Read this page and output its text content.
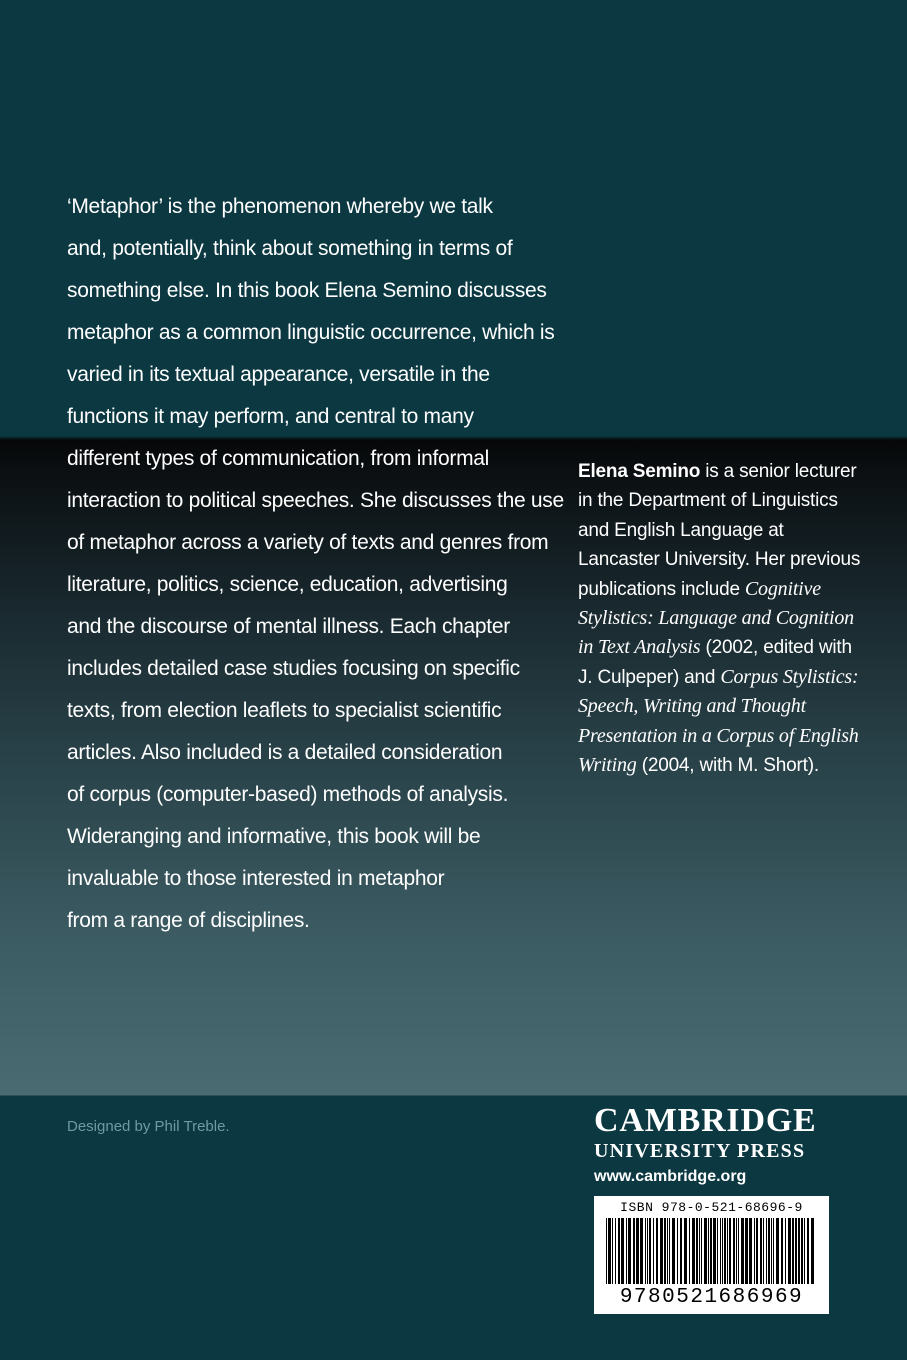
‘Metaphor’ is the phenomenon whereby we talk
and, potentially, think about something in terms of
something else. In this book Elena Semino discusses
metaphor as a common linguistic occurrence, which is
varied in its textual appearance, versatile in the
functions it may perform, and central to many
different types of communication, from informal
interaction to political speeches. She discusses the use
of metaphor across a variety of texts and genres from
literature, politics, science, education, advertising
and the discourse of mental illness. Each chapter
includes detailed case studies focusing on specific
texts, from election leaflets to specialist scientific
articles. Also included is a detailed consideration
of corpus (computer-based) methods of analysis.
Wideranging and informative, this book will be
invaluable to those interested in metaphor
from a range of disciplines.

Elena Semino is a senior lecturer
in the Department of Linguistics
and English Language at
Lancaster University. Her previous
publications include Cognitive
Stylistics: Language and Cognition
in Text Analysis (2002, edited with
J. Culpeper) and Corpus Stylistics:
Speech, Writing and Thought
Presentation in a Corpus of English
Writing (2004, with M. Short).

Designed by Phil Treble.	CAMBRIDGE
UNIVERSITY PRESS
www.cambridge.org

ISBN 978-0-521-68696-9

9780521686969
